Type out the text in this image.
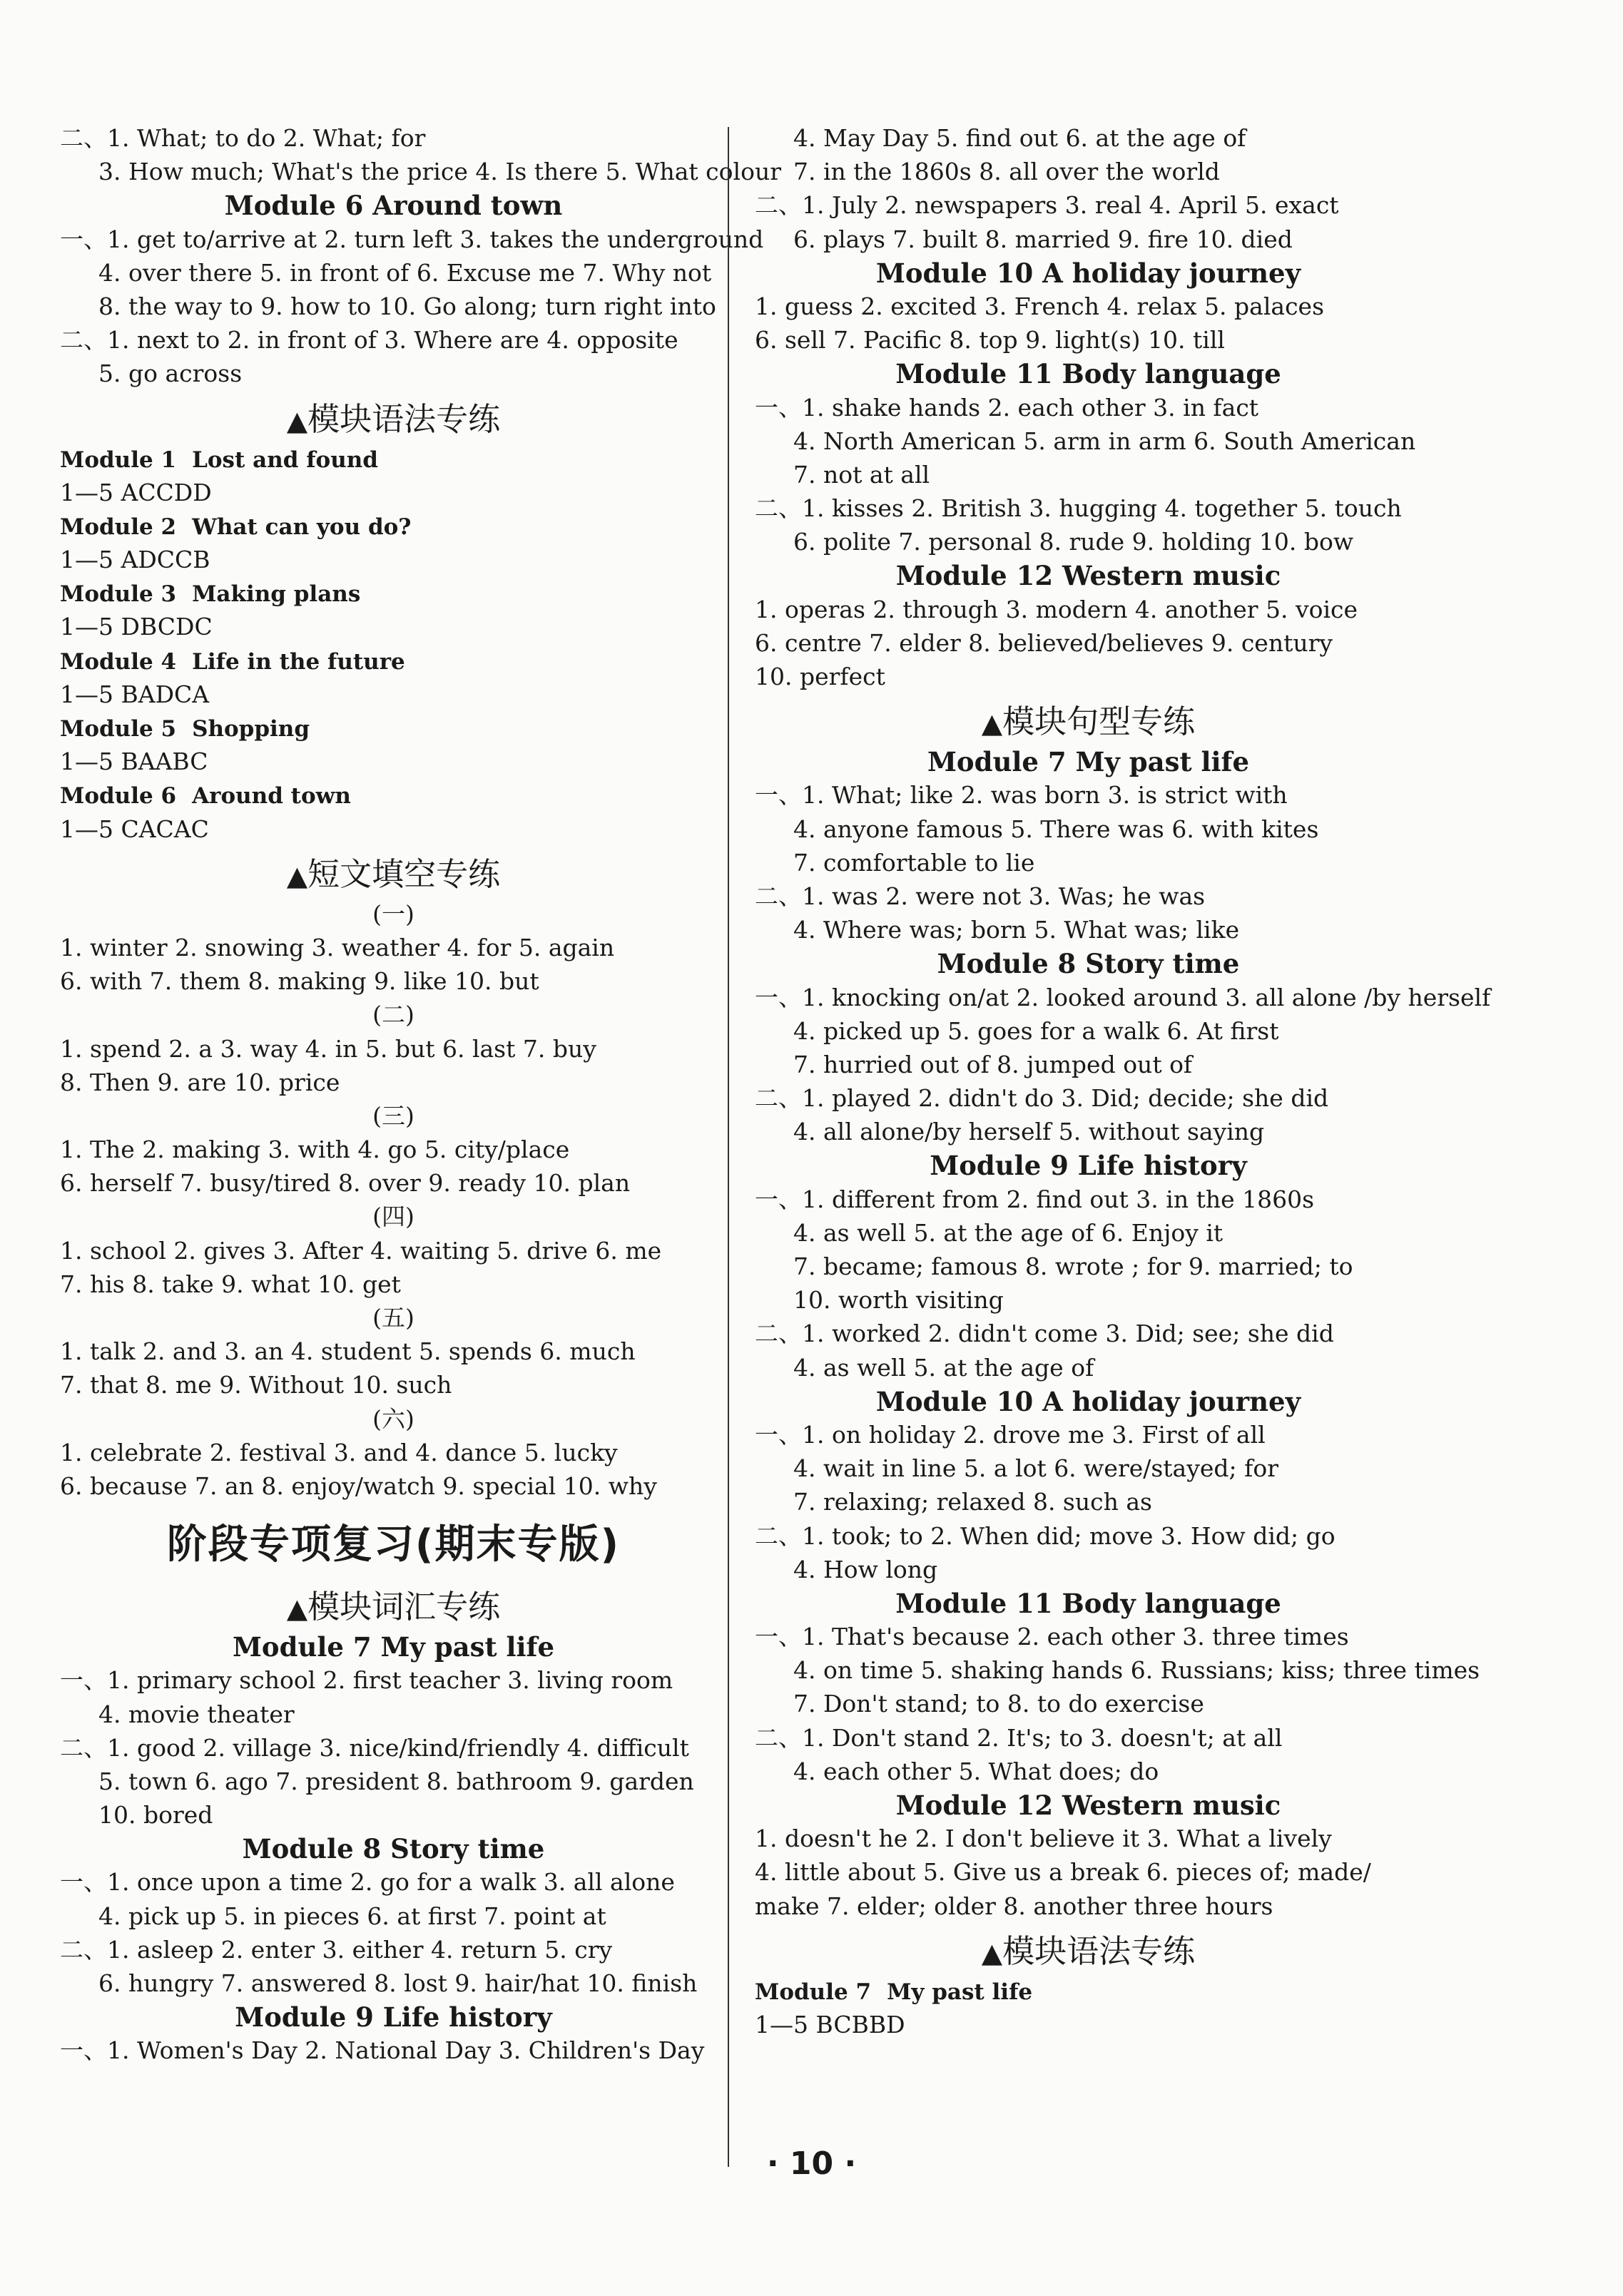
二、1. What; to do 2. What; for
3. How much; What's the price 4. Is there 5. What colour
Module 6 Around town
一、1. get to/arrive at 2. turn left 3. takes the underground
4. over there 5. in front of 6. Excuse me 7. Why not
8. the way to 9. how to 10. Go along; turn right into
二、1. next to 2. in front of 3. Where are 4. opposite
5. go across
▲模块语法专练
Module 1 Lost and found
1—5 ACCDD
Module 2 What can you do?
1—5 ADCCB
Module 3 Making plans
1—5 DBCDC
Module 4 Life in the future
1—5 BADCA
Module 5 Shopping
1—5 BAABC
Module 6 Around town
1—5 CACAC
▲短文填空专练
(一)
1. winter 2. snowing 3. weather 4. for 5. again
6. with 7. them 8. making 9. like 10. but
(二)
1. spend 2. a 3. way 4. in 5. but 6. last 7. buy
8. Then 9. are 10. price
(三)
1. The 2. making 3. with 4. go 5. city/place
6. herself 7. busy/tired 8. over 9. ready 10. plan
(四)
1. school 2. gives 3. After 4. waiting 5. drive 6. me
7. his 8. take 9. what 10. get
(五)
1. talk 2. and 3. an 4. student 5. spends 6. much
7. that 8. me 9. Without 10. such
(六)
1. celebrate 2. festival 3. and 4. dance 5. lucky
6. because 7. an 8. enjoy/watch 9. special 10. why
阶段专项复习(期末专版)
▲模块词汇专练
Module 7 My past life
一、1. primary school 2. first teacher 3. living room
4. movie theater
二、1. good 2. village 3. nice/kind/friendly 4. difficult
5. town 6. ago 7. president 8. bathroom 9. garden
10. bored
Module 8 Story time
一、1. once upon a time 2. go for a walk 3. all alone
4. pick up 5. in pieces 6. at first 7. point at
二、1. asleep 2. enter 3. either 4. return 5. cry
6. hungry 7. answered 8. lost 9. hair/hat 10. finish
Module 9 Life history
一、1. Women's Day 2. National Day 3. Children's Day
4. May Day 5. find out 6. at the age of
7. in the 1860s 8. all over the world
二、1. July 2. newspapers 3. real 4. April 5. exact
6. plays 7. built 8. married 9. fire 10. died
Module 10 A holiday journey
1. guess 2. excited 3. French 4. relax 5. palaces
6. sell 7. Pacific 8. top 9. light(s) 10. till
Module 11 Body language
一、1. shake hands 2. each other 3. in fact
4. North American 5. arm in arm 6. South American
7. not at all
二、1. kisses 2. British 3. hugging 4. together 5. touch
6. polite 7. personal 8. rude 9. holding 10. bow
Module 12 Western music
1. operas 2. through 3. modern 4. another 5. voice
6. centre 7. elder 8. believed/believes 9. century
10. perfect
▲模块句型专练
Module 7 My past life
一、1. What; like 2. was born 3. is strict with
4. anyone famous 5. There was 6. with kites
7. comfortable to lie
二、1. was 2. were not 3. Was; he was
4. Where was; born 5. What was; like
Module 8 Story time
一、1. knocking on/at 2. looked around 3. all alone /by herself
4. picked up 5. goes for a walk 6. At first
7. hurried out of 8. jumped out of
二、1. played 2. didn't do 3. Did; decide; she did
4. all alone/by herself 5. without saying
Module 9 Life history
一、1. different from 2. find out 3. in the 1860s
4. as well 5. at the age of 6. Enjoy it
7. became; famous 8. wrote ; for 9. married; to
10. worth visiting
二、1. worked 2. didn't come 3. Did; see; she did
4. as well 5. at the age of
Module 10 A holiday journey
一、1. on holiday 2. drove me 3. First of all
4. wait in line 5. a lot 6. were/stayed; for
7. relaxing; relaxed 8. such as
二、1. took; to 2. When did; move 3. How did; go
4. How long
Module 11 Body language
一、1. That's because 2. each other 3. three times
4. on time 5. shaking hands 6. Russians; kiss; three times
7. Don't stand; to 8. to do exercise
二、1. Don't stand 2. It's; to 3. doesn't; at all
4. each other 5. What does; do
Module 12 Western music
1. doesn't he 2. I don't believe it 3. What a lively
4. little about 5. Give us a break 6. pieces of; made/
make 7. elder; older 8. another three hours
▲模块语法专练
Module 7 My past life
1—5 BCBBD
· 10 ·
